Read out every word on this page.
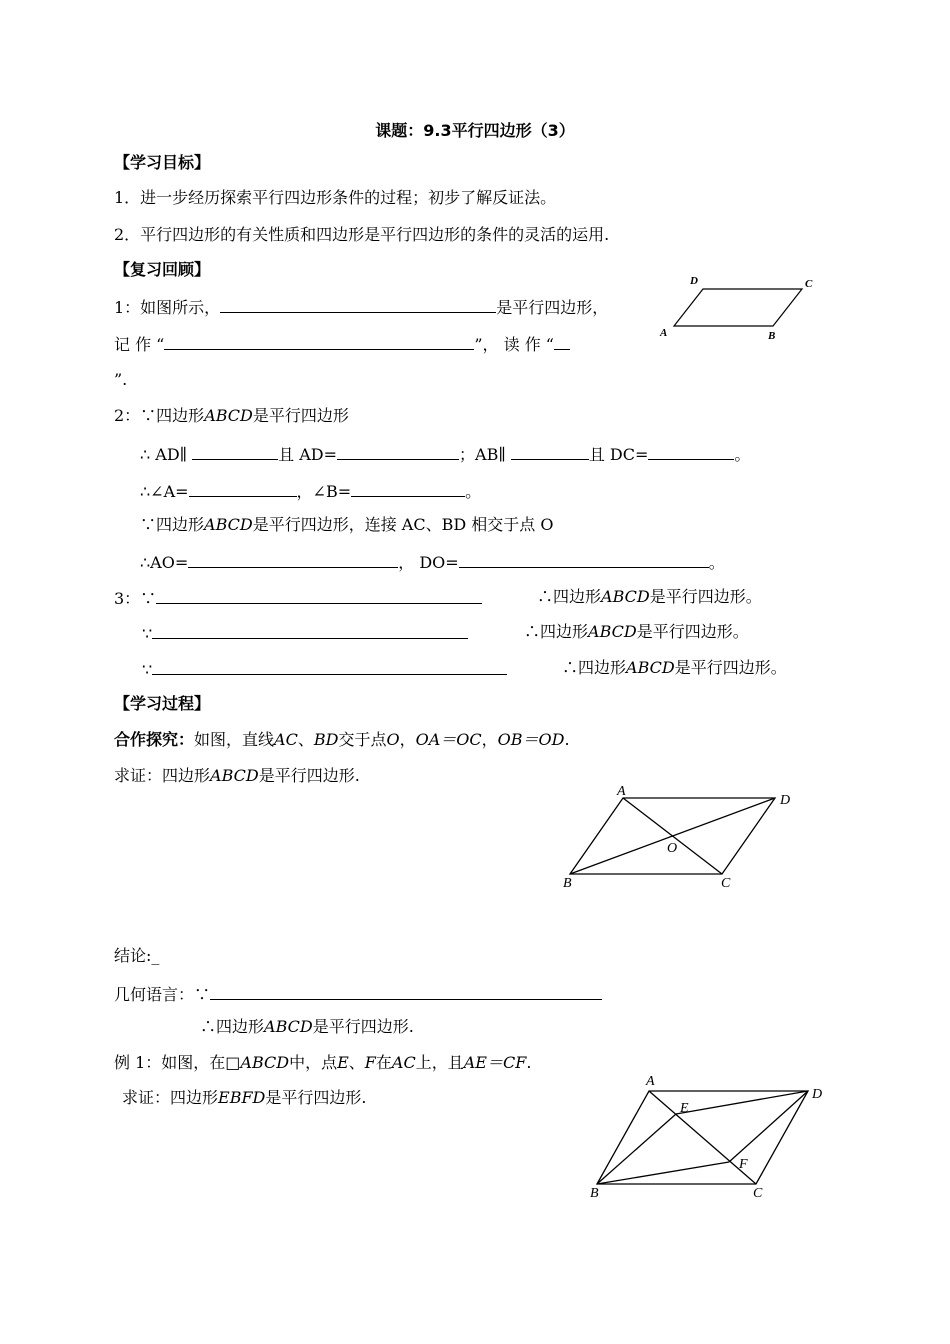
课题：9.3平行四边形（3）
【学习目标】
1．进一步经历探索平行四边形条件的过程；初步了解反证法。
2．平行四边形的有关性质和四边形是平行四边形的条件的灵活的运用.
【复习回顾】
1：如图所示，	是平行四边形，
记 作 “	”， 读 作 “
”.
2：∵四边形ABCD是平行四边形
∴ AD∥	且 AD=	；AB∥	且 DC=	。
∴∠A=	，∠B=	。
∵四边形ABCD是平行四边形，连接 AC、BD 相交于点 O
∴AO=	， DO=	。
3：∵	∴四边形ABCD是平行四边形。
∵	∴四边形ABCD是平行四边形。
∵	∴四边形ABCD是平行四边形。
【学习过程】
合作探究：如图，直线AC、BD交于点O，OA＝OC，OB＝OD.
求证：四边形ABCD是平行四边形.
结论:_
几何语言：∵
∴四边形ABCD是平行四边形.
例 1：如图，在□ABCD中，点E、F在AC上，且AE＝CF.
求证：四边形EBFD是平行四边形.
D	C
A	B
A
D
B	C
O
A
D
B	C
E
F
